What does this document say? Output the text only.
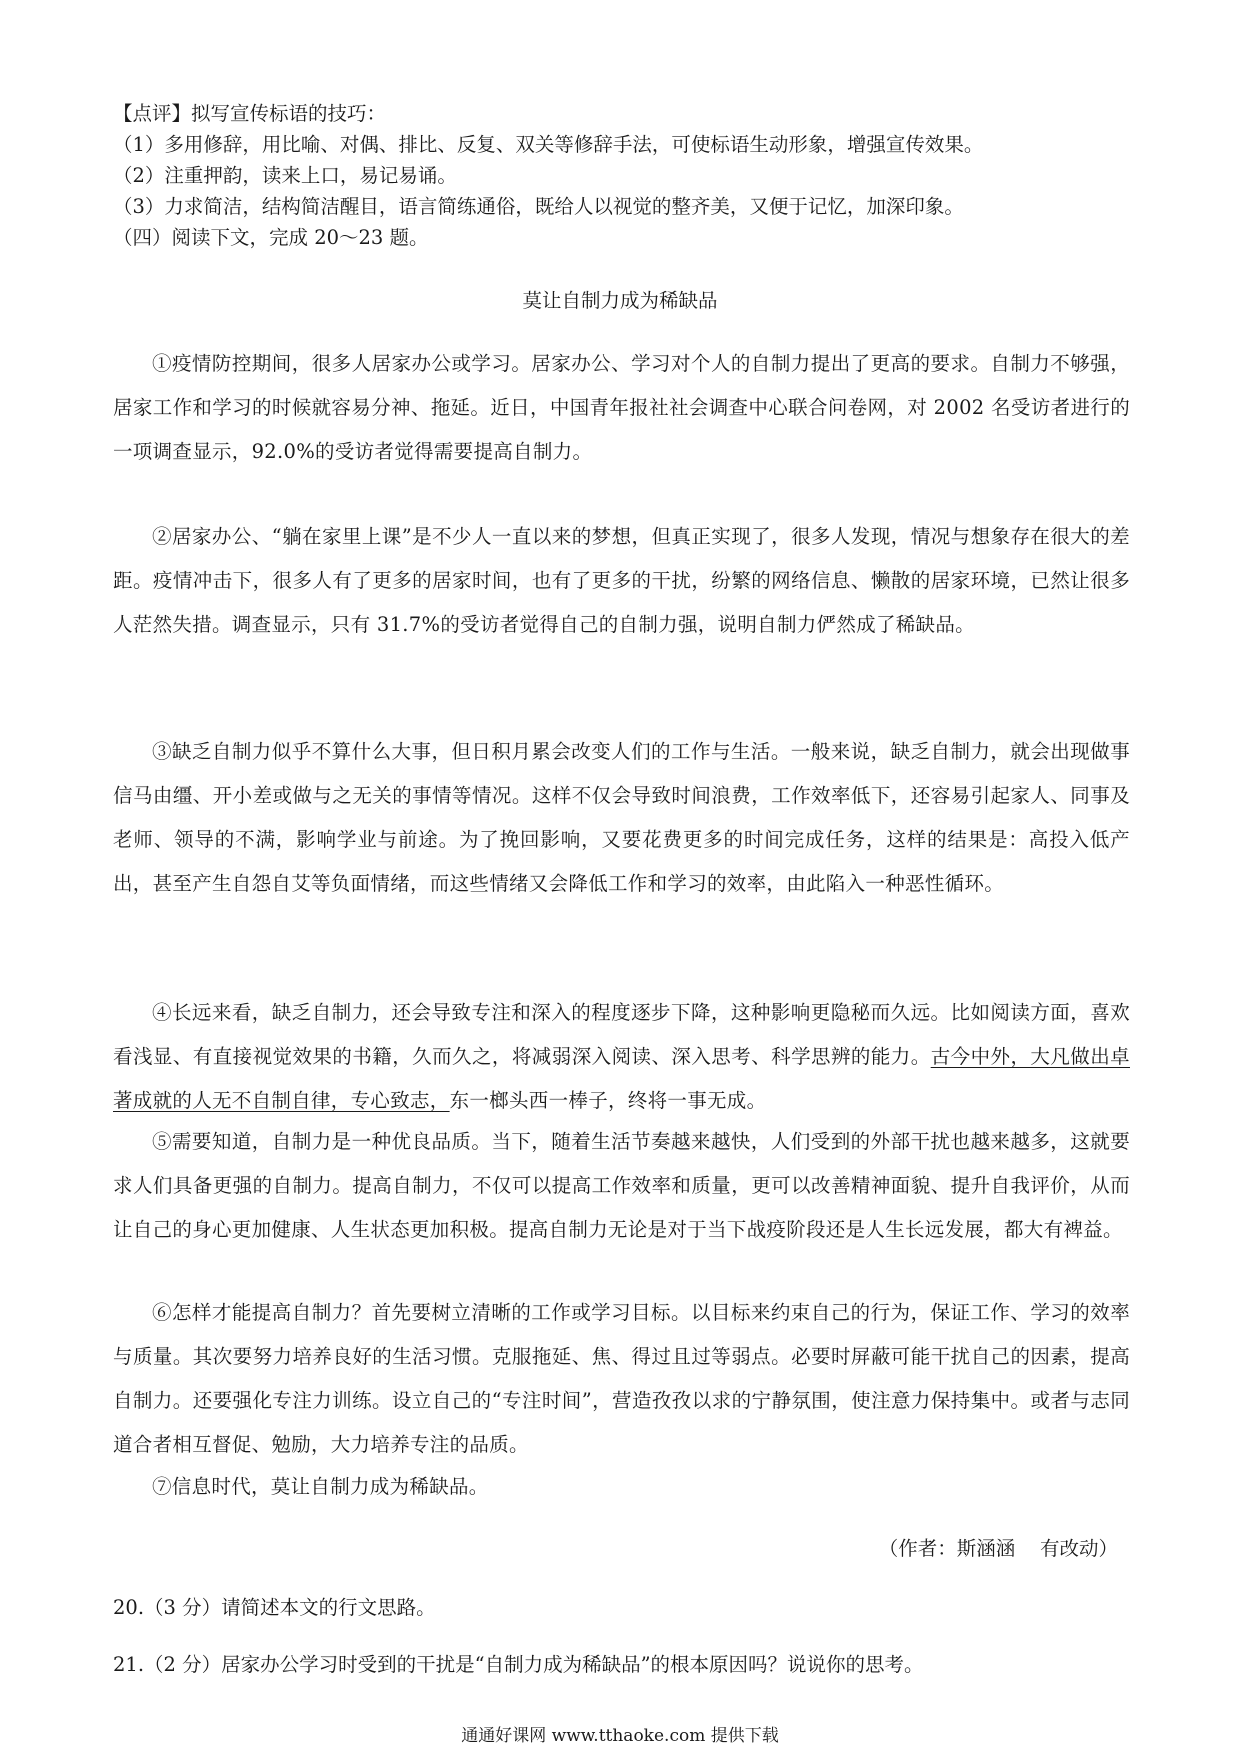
【点评】拟写宣传标语的技巧：
（1）多用修辞，用比喻、对偶、排比、反复、双关等修辞手法，可使标语生动形象，增强宣传效果。
（2）注重押韵，读来上口，易记易诵。
（3）力求简洁，结构简洁醒目，语言简练通俗，既给人以视觉的整齐美，又便于记忆，加深印象。
（四）阅读下文，完成 20～23 题。
莫让自制力成为稀缺品
①疫情防控期间，很多人居家办公或学习。居家办公、学习对个人的自制力提出了更高的要求。自制力不够强，居家工作和学习的时候就容易分神、拖延。近日，中国青年报社社会调查中心联合问卷网，对 2002 名受访者进行的一项调查显示，92.0%的受访者觉得需要提高自制力。
②居家办公、“躺在家里上课”是不少人一直以来的梦想，但真正实现了，很多人发现，情况与想象存在很大的差距。疫情冲击下，很多人有了更多的居家时间，也有了更多的干扰，纷繁的网络信息、懒散的居家环境，已然让很多人茫然失措。调查显示，只有 31.7%的受访者觉得自己的自制力强，说明自制力俨然成了稀缺品。
③缺乏自制力似乎不算什么大事，但日积月累会改变人们的工作与生活。一般来说，缺乏自制力，就会出现做事信马由缰、开小差或做与之无关的事情等情况。这样不仅会导致时间浪费，工作效率低下，还容易引起家人、同事及老师、领导的不满，影响学业与前途。为了挽回影响，又要花费更多的时间完成任务，这样的结果是：高投入低产出，甚至产生自怨自艾等负面情绪，而这些情绪又会降低工作和学习的效率，由此陷入一种恶性循环。
④长远来看，缺乏自制力，还会导致专注和深入的程度逐步下降，这种影响更隐秘而久远。比如阅读方面，喜欢看浅显、有直接视觉效果的书籍，久而久之，将减弱深入阅读、深入思考、科学思辨的能力。古今中外，大凡做出卓著成就的人无不自制自律，专心致志，东一榔头西一棒子，终将一事无成。
⑤需要知道，自制力是一种优良品质。当下，随着生活节奏越来越快，人们受到的外部干扰也越来越多，这就要求人们具备更强的自制力。提高自制力，不仅可以提高工作效率和质量，更可以改善精神面貌、提升自我评价，从而让自己的身心更加健康、人生状态更加积极。提高自制力无论是对于当下战疫阶段还是人生长远发展，都大有裨益。
⑥怎样才能提高自制力？首先要树立清晰的工作或学习目标。以目标来约束自己的行为，保证工作、学习的效率与质量。其次要努力培养良好的生活习惯。克服拖延、焦、得过且过等弱点。必要时屏蔽可能干扰自己的因素，提高自制力。还要强化专注力训练。设立自己的“专注时间”，营造孜孜以求的宁静氛围，使注意力保持集中。或者与志同道合者相互督促、勉励，大力培养专注的品质。
⑦信息时代，莫让自制力成为稀缺品。
（作者：斯涵涵    有改动）
20.（3 分）请简述本文的行文思路。
21.（2 分）居家办公学习时受到的干扰是“自制力成为稀缺品”的根本原因吗？说说你的思考。
通通好课网 www.tthaoke.com 提供下载
